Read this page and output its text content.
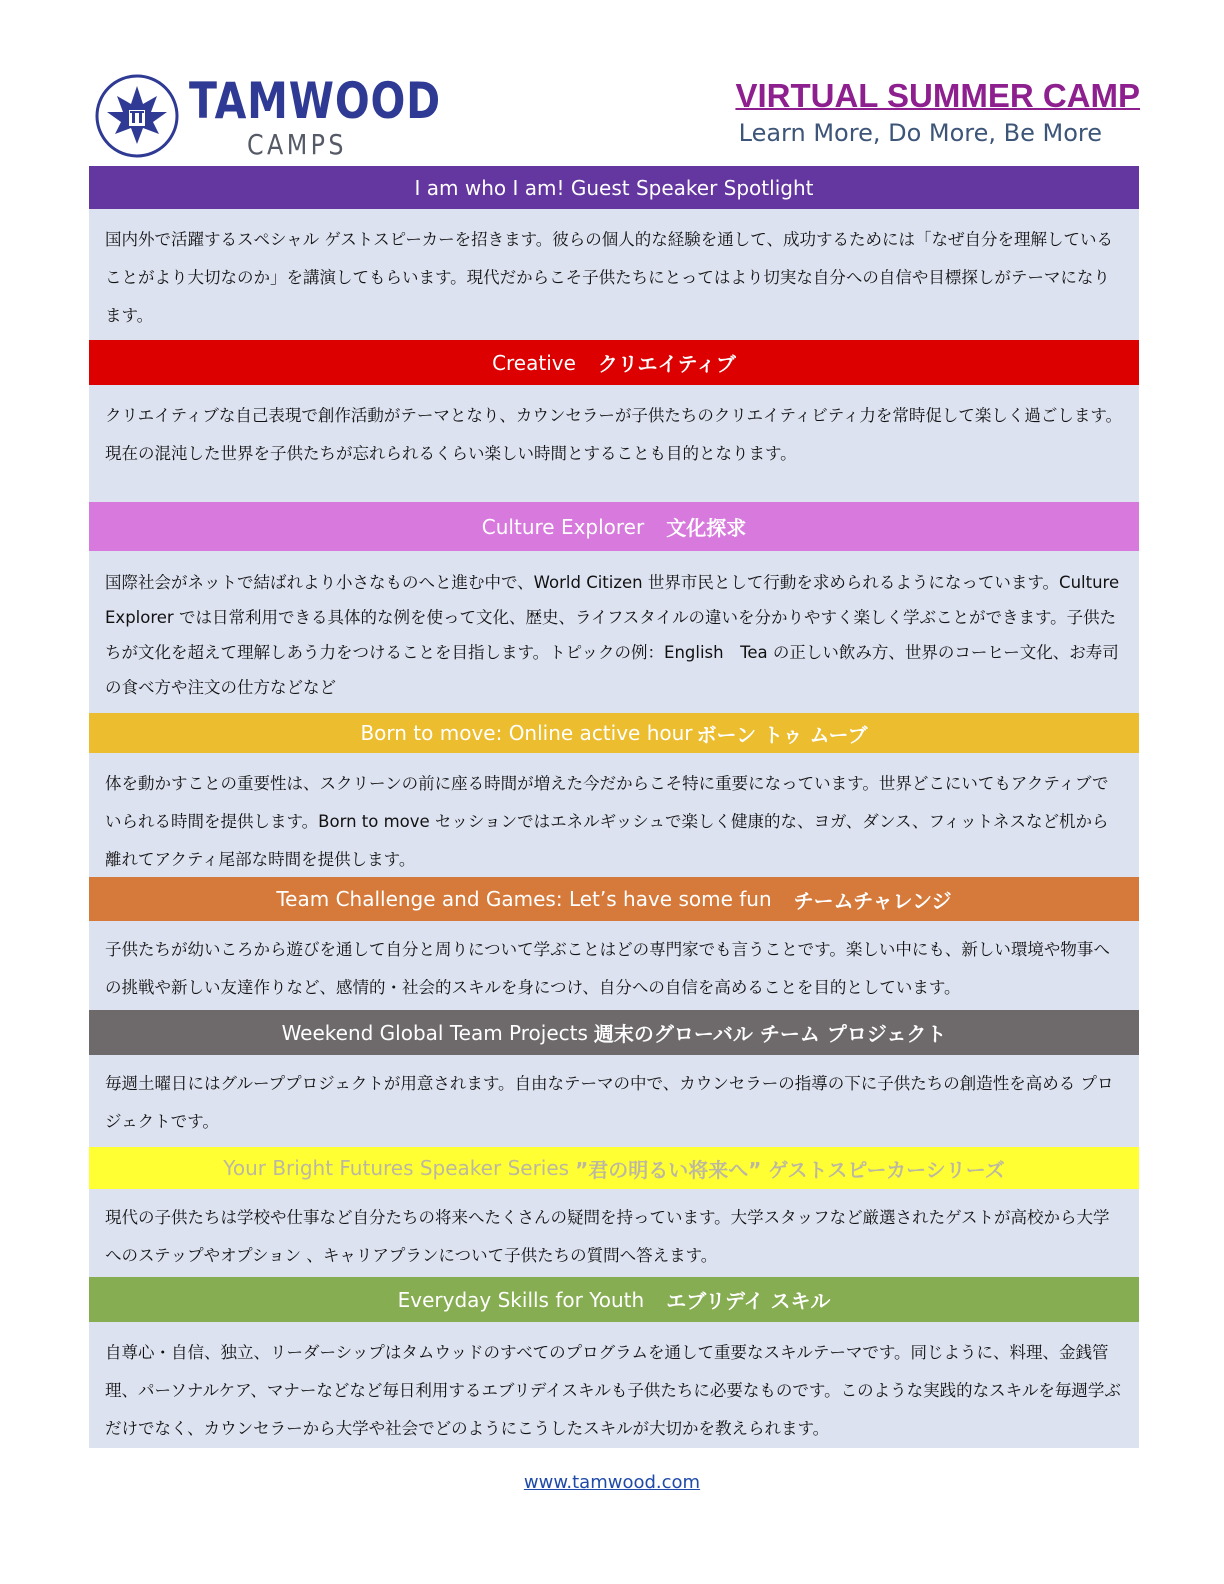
TAMWOOD
CAMPS
VIRTUAL SUMMER CAMP
Learn More, Do More, Be More
I am who I am! Guest Speaker Spotlight
国内外で活躍するスペシャル ゲストスピーカーを招きます。彼らの個人的な経験を通して、成功するためには「なぜ自分を理解していることがより大切なのか」を講演してもらいます。現代だからこそ子供たちにとってはより切実な自分への自信や目標探しがテーマになります。
Creative クリエイティブ
クリエイティブな自己表現で創作活動がテーマとなり、カウンセラーが子供たちのクリエイティビティ力を常時促して楽しく過ごします。現在の混沌した世界を子供たちが忘れられるくらい楽しい時間とすることも目的となります。
Culture Explorer 文化探求
国際社会がネットで結ばれより小さなものへと進む中で、World Citizen 世界市民として行動を求められるようになっています。Culture Explorer では日常利用できる具体的な例を使って文化、歴史、ライフスタイルの違いを分かりやすく楽しく学ぶことができます。子供たちが文化を超えて理解しあう力をつけることを目指します。トピックの例：English　Tea の正しい飲み方、世界のコーヒー文化、お寿司の食べ方や注文の仕方などなど
Born to move: Online active hour ボーン トゥ ムーブ
体を動かすことの重要性は、スクリーンの前に座る時間が増えた今だからこそ特に重要になっています。世界どこにいてもアクティブでいられる時間を提供します。Born to move セッションではエネルギッシュで楽しく健康的な、ヨガ、ダンス、フィットネスなど机から離れてアクティ尾部な時間を提供します。
Team Challenge and Games: Let’s have some fun チームチャレンジ
子供たちが幼いころから遊びを通して自分と周りについて学ぶことはどの専門家でも言うことです。楽しい中にも、新しい環境や物事への挑戦や新しい友達作りなど、感情的・社会的スキルを身につけ、自分への自信を高めることを目的としています。
Weekend Global Team Projects 週末のグローバル チーム プロジェクト
毎週土曜日にはグループプロジェクトが用意されます。自由なテーマの中で、カウンセラーの指導の下に子供たちの創造性を高める プロジェクトです。
Your Bright Futures Speaker Series ”君の明るい将来へ” ゲストスピーカーシリーズ
現代の子供たちは学校や仕事など自分たちの将来へたくさんの疑問を持っています。大学スタッフなど厳選されたゲストが高校から大学へのステップやオプション 、キャリアプランについて子供たちの質問へ答えます。
Everyday Skills for Youth エブリデイ スキル
自尊心・自信、独立、リーダーシップはタムウッドのすべてのプログラムを通して重要なスキルテーマです。同じように、料理、金銭管理、パーソナルケア、マナーなどなど毎日利用するエブリデイスキルも子供たちに必要なものです。このような実践的なスキルを毎週学ぶだけでなく、カウンセラーから大学や社会でどのようにこうしたスキルが大切かを教えられます。
www.tamwood.com
